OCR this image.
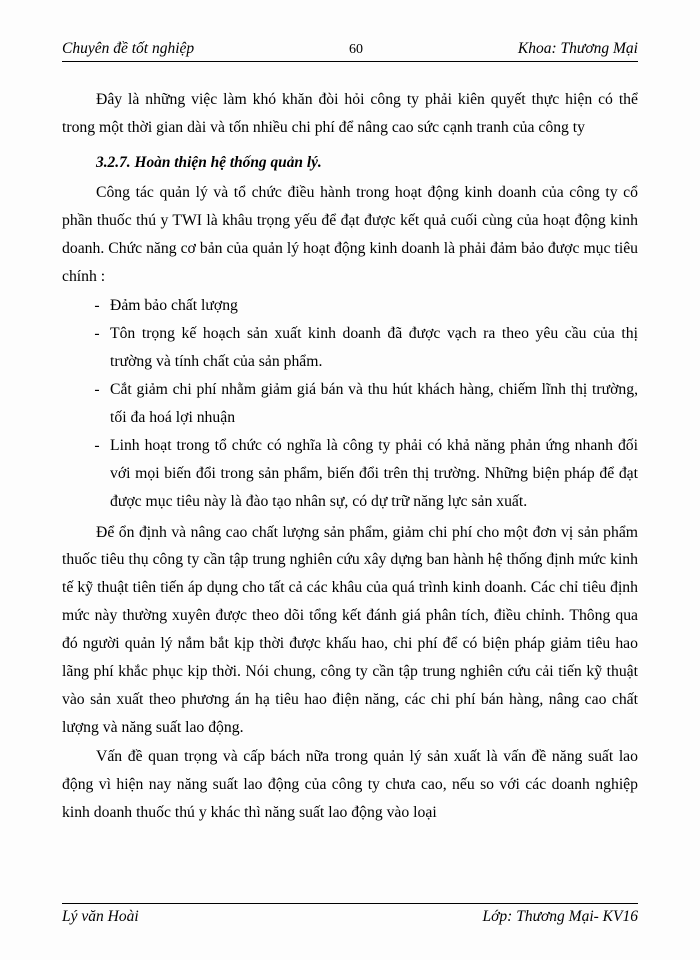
Chuyên đề tốt nghiệp	60	Khoa: Thương Mại

Đây là những việc làm khó khăn đòi hỏi công ty phải kiên quyết thực hiện có thể trong một thời gian dài và tốn nhiều chi phí để nâng cao sức cạnh tranh của công ty

3.2.7. Hoàn thiện hệ thống quản lý.

Công tác quản lý và tổ chức điều hành trong hoạt động kinh doanh của công ty cổ phần thuốc thú y TWI là khâu trọng yếu để đạt được kết quả cuối cùng của hoạt động kinh doanh. Chức năng cơ bản của quản lý hoạt động kinh doanh là phải đảm bảo được mục tiêu chính :

- Đảm bảo chất lượng
- Tôn trọng kế hoạch sản xuất kinh doanh đã được vạch ra theo yêu cầu của thị trường và tính chất của sản phẩm.
- Cắt giảm chi phí nhằm giảm giá bán và thu hút khách hàng, chiếm lĩnh thị trường, tối đa hoá lợi nhuận
- Linh hoạt trong tổ chức có nghĩa là công ty phải có khả năng phản ứng nhanh đối với mọi biến đổi trong sản phẩm, biến đổi trên thị trường. Những biện pháp để đạt được mục tiêu này là đào tạo nhân sự, có dự trữ năng lực sản xuất.

Để ổn định và nâng cao chất lượng sản phẩm, giảm chi phí cho một đơn vị sản phẩm thuốc tiêu thụ công ty cần tập trung nghiên cứu xây dựng ban hành hệ thống định mức kinh tế kỹ thuật tiên tiến áp dụng cho tất cả các khâu của quá trình kinh doanh. Các chỉ tiêu định mức này thường xuyên được theo dõi tổng kết đánh giá phân tích, điều chỉnh. Thông qua đó người quản lý nắm bắt kịp thời được khấu hao, chi phí để có biện pháp giảm tiêu hao lãng phí khắc phục kịp thời. Nói chung, công ty cần tập trung nghiên cứu cải tiến kỹ thuật vào sản xuất theo phương án hạ tiêu hao điện năng, các chi phí bán hàng, nâng cao chất lượng và năng suất lao động.

Vấn đề quan trọng và cấp bách nữa trong quản lý sản xuất là vấn đề năng suất lao động vì hiện nay năng suất lao động của công ty chưa cao, nếu so với các doanh nghiệp kinh doanh thuốc thú y khác thì năng suất lao động vào loại

Lý văn Hoài	Lớp: Thương Mại- KV16
